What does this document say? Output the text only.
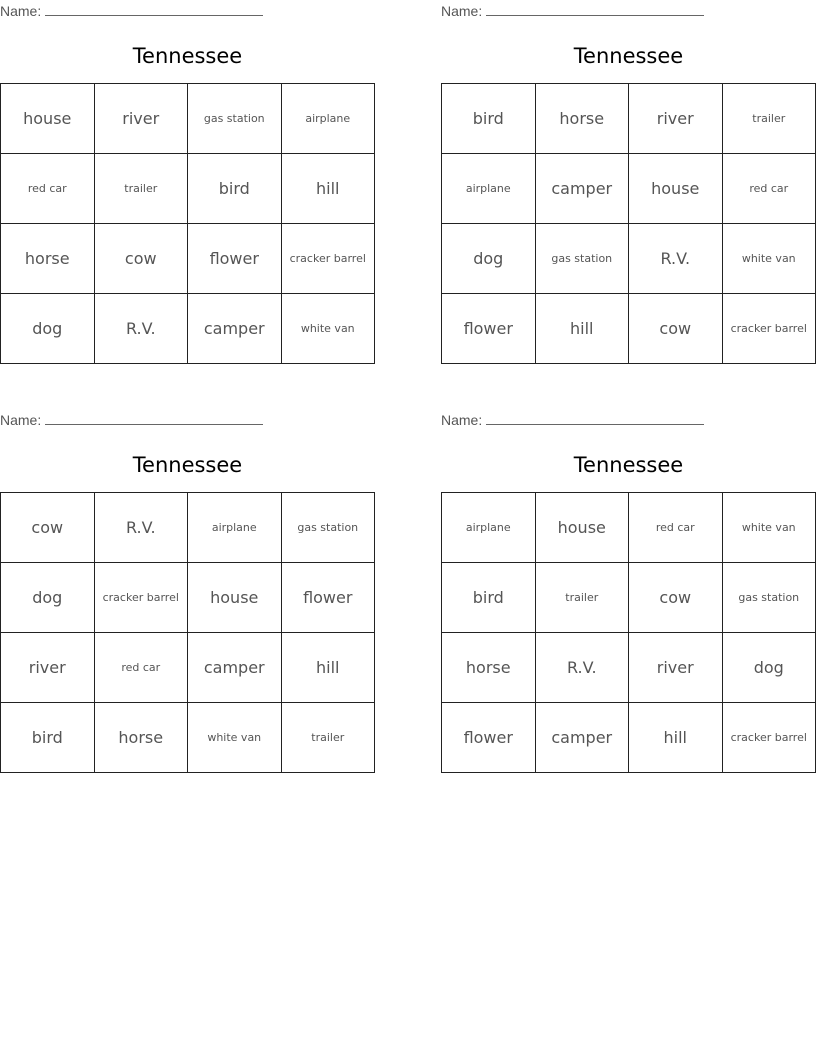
Name:
Tennessee
house	river	gas station	airplane
red car	trailer	bird	hill
horse	cow	flower	cracker barrel
dog	R.V.	camper	white van
Name:
Tennessee
bird	horse	river	trailer
airplane	camper	house	red car
dog	gas station	R.V.	white van
flower	hill	cow	cracker barrel
Name:
Tennessee
cow	R.V.	airplane	gas station
dog	cracker barrel	house	flower
river	red car	camper	hill
bird	horse	white van	trailer
Name:
Tennessee
airplane	house	red car	white van
bird	trailer	cow	gas station
horse	R.V.	river	dog
flower	camper	hill	cracker barrel
